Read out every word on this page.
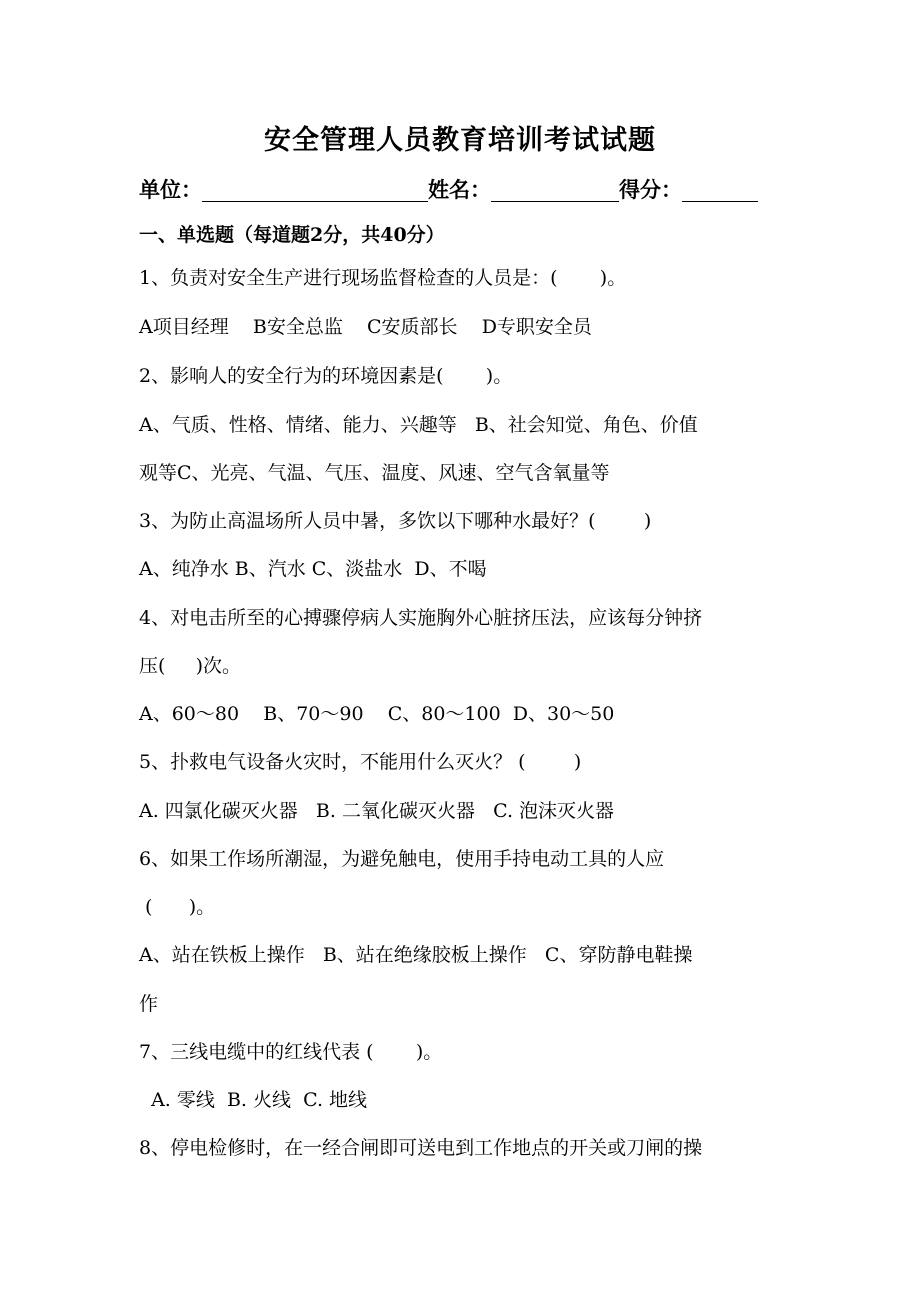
安全管理人员教育培训考试试题
单位：	姓名：	得分：
一、单选题（每道题2分，共40分）
1、负责对安全生产进行现场监督检查的人员是：(       )。
A项目经理    B安全总监    C安质部长    D专职安全员
2、影响人的安全行为的环境因素是(       )。
A、气质、性格、情绪、能力、兴趣等   B、社会知觉、角色、价值
观等C、光亮、气温、气压、温度、风速、空气含氧量等
3、为防止高温场所人员中暑，多饮以下哪种水最好？(        )
A、纯净水 B、汽水 C、淡盐水  D、不喝
4、对电击所至的心搏骤停病人实施胸外心脏挤压法，应该每分钟挤
压(     )次。
A、60～80    B、70～90    C、80～100  D、30～50
5、扑救电气设备火灾时，不能用什么灭火？ (        )
A. 四氯化碳灭火器   B. 二氧化碳灭火器   C. 泡沫灭火器
6、如果工作场所潮湿，为避免触电，使用手持电动工具的人应
(      )。
A、站在铁板上操作   B、站在绝缘胶板上操作   C、穿防静电鞋操
作
7、三线电缆中的红线代表 (       )。
A. 零线  B. 火线  C. 地线
8、停电检修时，在一经合闸即可送电到工作地点的开关或刀闸的操
